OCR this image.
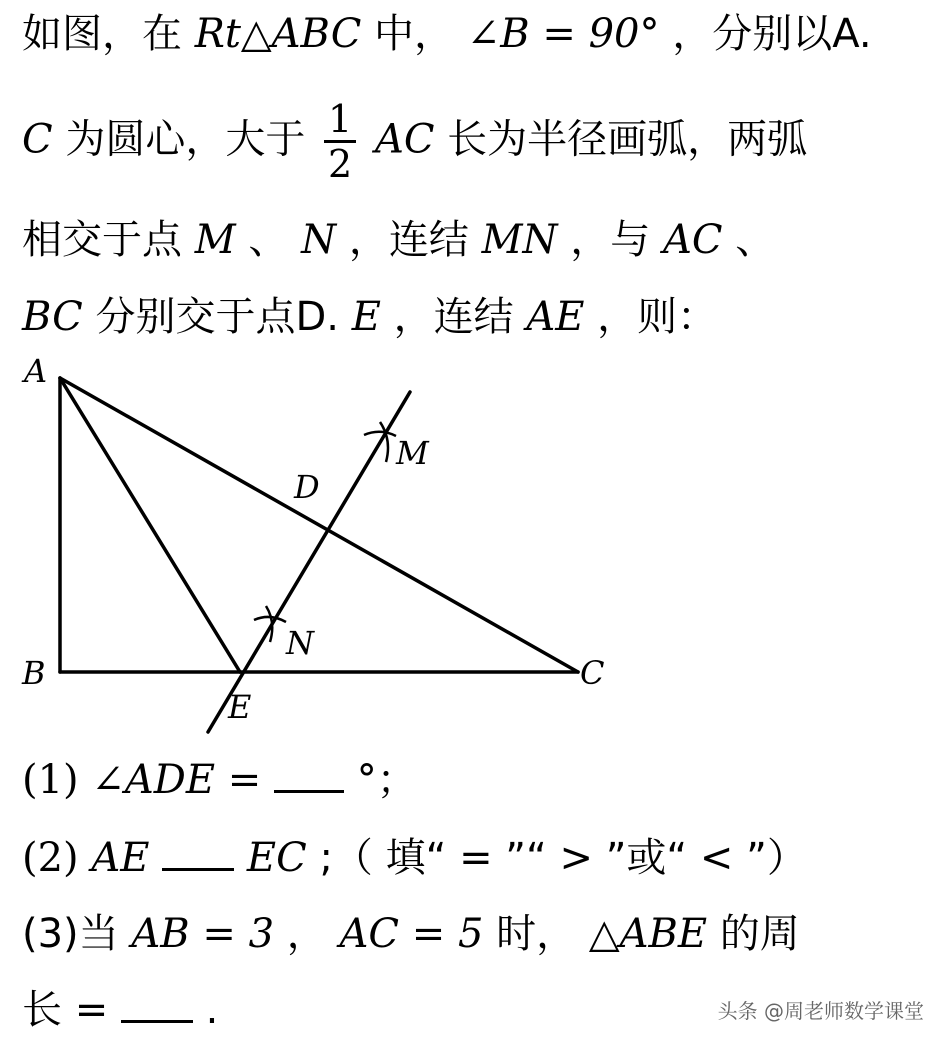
如图，在 Rt△ABC 中， ∠B = 90° ，分别以A.
C 为圆心，大于 $\frac{1}{2}$ AC 长为半径画弧，两弧
相交于点 M 、 N ，连结 MN ，与 AC 、
BC 分别交于点D. E ，连结 AE ，则：
A
B	C
D
E
M
N
(1) ∠ADE = °；
(2) AE EC ;（ 填“ = ”“ > ”或“ < ”）
(3)当 AB = 3 ， AC = 5 时， △ABE 的周
长 = .	头条 @周老师数学课堂
